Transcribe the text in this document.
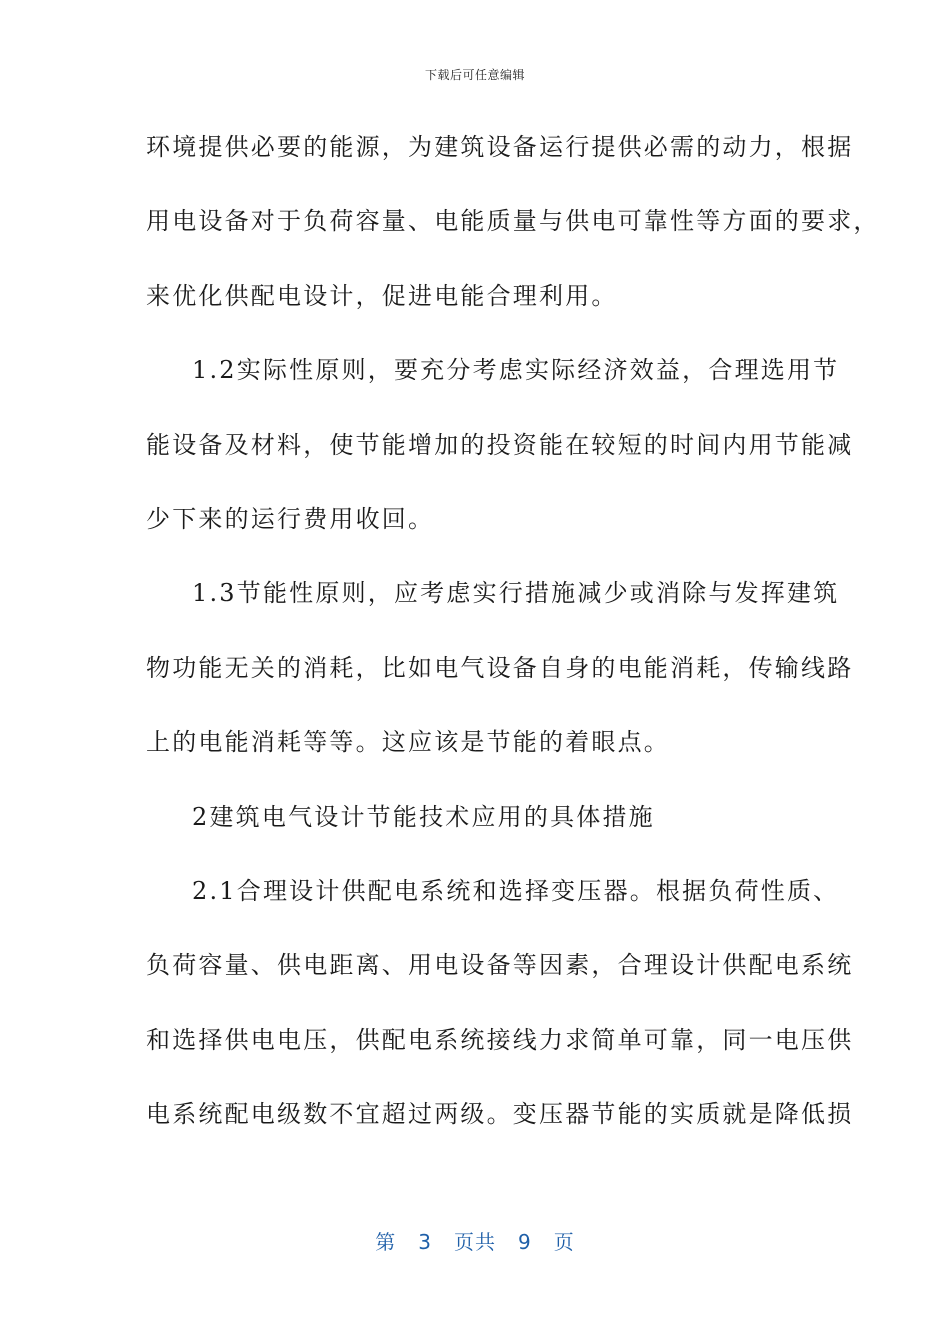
下载后可任意编辑
环境提供必要的能源，为建筑设备运行提供必需的动力，根据
用电设备对于负荷容量、电能质量与供电可靠性等方面的要求，
来优化供配电设计，促进电能合理利用。
1.2实际性原则，要充分考虑实际经济效益，合理选用节
能设备及材料，使节能增加的投资能在较短的时间内用节能减
少下来的运行费用收回。
1.3节能性原则，应考虑实行措施减少或消除与发挥建筑
物功能无关的消耗，比如电气设备自身的电能消耗，传输线路
上的电能消耗等等。这应该是节能的着眼点。
2建筑电气设计节能技术应用的具体措施
2.1合理设计供配电系统和选择变压器。根据负荷性质、
负荷容量、供电距离、用电设备等因素，合理设计供配电系统
和选择供电电压，供配电系统接线力求简单可靠，同一电压供
电系统配电级数不宜超过两级。变压器节能的实质就是降低损
第 3 页共 9 页
